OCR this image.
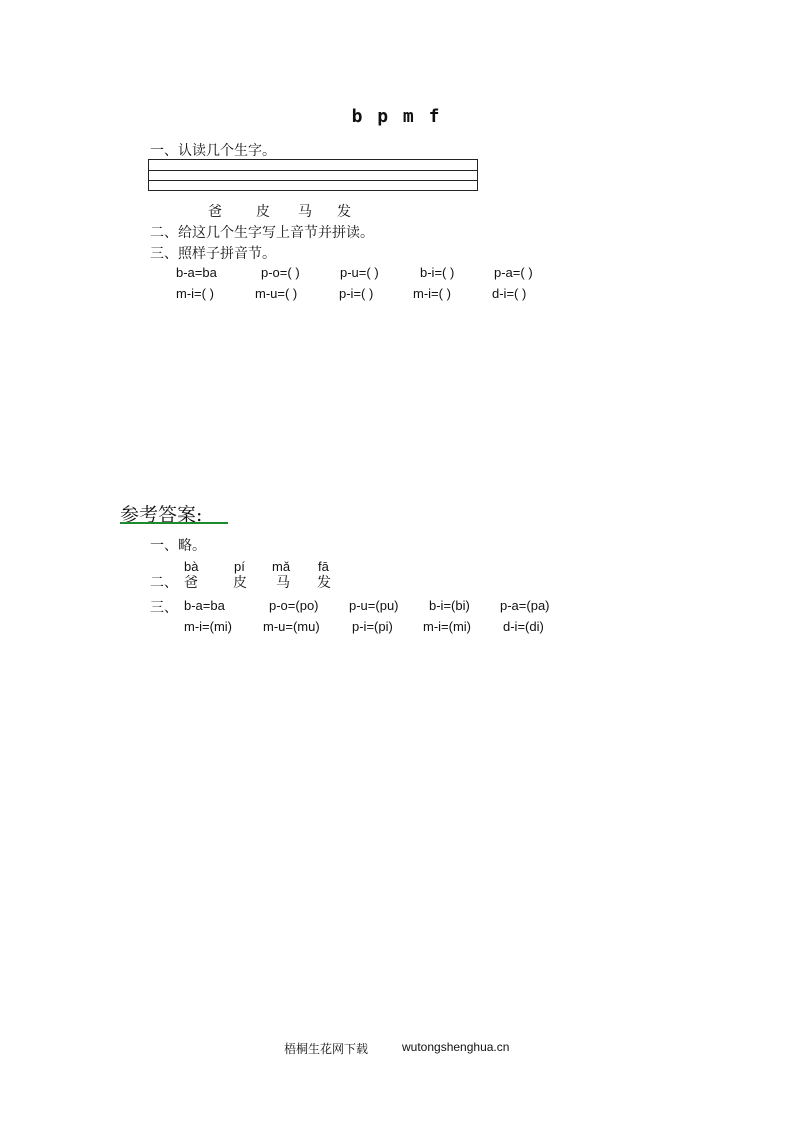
b p m f
一、认读几个生字。
爸 皮 马 发
二、给这几个生字写上音节并拼读。
三、照样子拼音节。
b-a=ba	p-o=( )	p-u=( )	b-i=( )	p-a=( )
m-i=( )	m-u=( )	p-i=( )	m-i=( )	d-i=( )
参考答案:
一、略。
bà	pí mǎ fā
二、 爸	皮 马 发
三、 b-a=ba	p-o=(po) p-u=(pu) b-i=(bi) p-a=(pa)
m-i=(mi) m-u=(mu) p-i=(pi) m-i=(mi) d-i=(di)
梧桐生花网下载	wutongshenghua.cn
